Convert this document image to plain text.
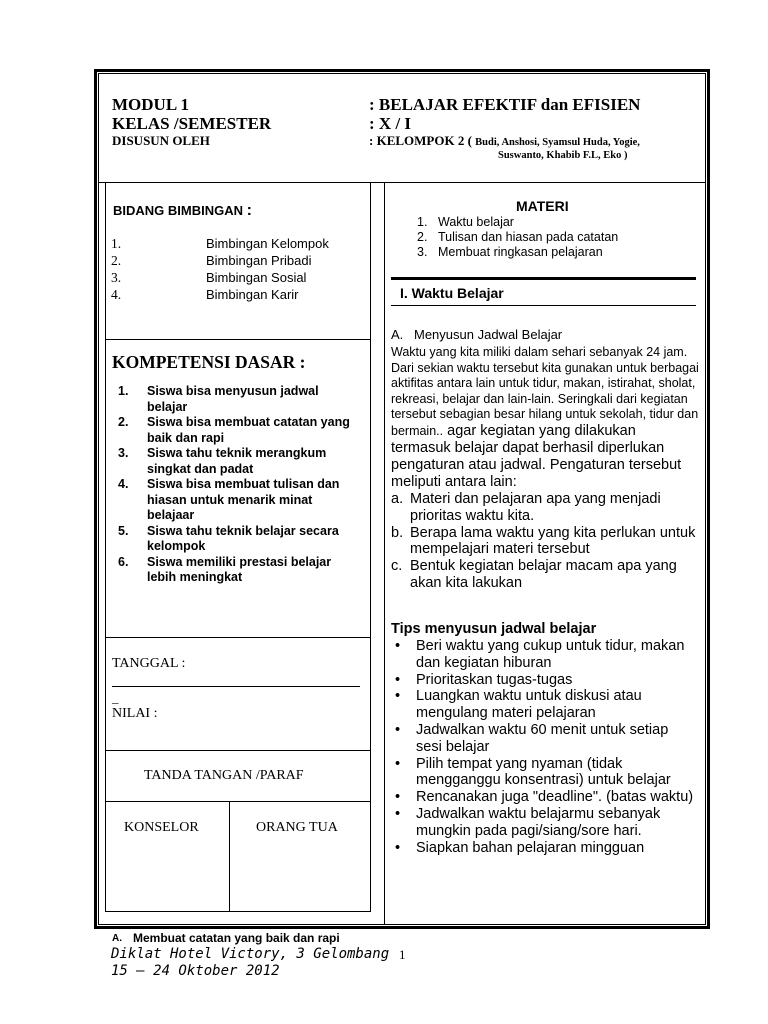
MODUL 1	: BELAJAR EFEKTIF dan EFISIEN
KELAS /SEMESTER	: X / I
DISUSUN OLEH	: KELOMPOK 2 ( Budi, Anshosi, Syamsul Huda, Yogie,
Suswanto, Khabib F.L, Eko )
BIDANG BIMBINGAN :
1.	Bimbingan Kelompok
2.	Bimbingan Pribadi
3.	Bimbingan Sosial
4.	Bimbingan Karir
KOMPETENSI DASAR :
1.	Siswa bisa menyusun jadwal belajar
2.	Siswa bisa membuat catatan yang baik dan rapi
3.	Siswa tahu teknik merangkum singkat dan padat
4.	Siswa bisa membuat tulisan dan hiasan untuk menarik minat belajaar
5.	Siswa tahu teknik belajar secara kelompok
6.	Siswa memiliki prestasi belajar lebih meningkat
TANGGAL :
_
NILAI :
TANDA TANGAN /PARAF
KONSELOR	ORANG TUA
MATERI
1. Waktu belajar
2. Tulisan dan hiasan pada catatan
3. Membuat ringkasan pelajaran
I. Waktu Belajar
A. Menyusun Jadwal Belajar
Waktu yang kita miliki dalam sehari sebanyak 24 jam. Dari sekian waktu tersebut kita gunakan untuk berbagai aktifitas antara lain untuk tidur, makan, istirahat, sholat, rekreasi, belajar dan lain-lain. Seringkali dari kegiatan tersebut sebagian besar hilang untuk sekolah, tidur dan bermain.. agar kegiatan yang dilakukan
termasuk belajar dapat berhasil diperlukan pengaturan atau jadwal. Pengaturan tersebut meliputi antara lain:
a. Materi dan pelajaran apa yang menjadi prioritas waktu kita.
b. Berapa lama waktu yang kita perlukan untuk mempelajari materi tersebut
c. Bentuk kegiatan belajar macam apa yang akan kita lakukan
Tips menyusun jadwal belajar
•	Beri waktu yang cukup untuk tidur, makan dan kegiatan hiburan
•	Prioritaskan tugas-tugas
•	Luangkan waktu untuk diskusi atau mengulang materi pelajaran
•	Jadwalkan waktu 60 menit untuk setiap sesi belajar
•	Pilih tempat yang nyaman (tidak mengganggu konsentrasi) untuk belajar
•	Rencanakan juga "deadline". (batas waktu)
•	Jadwalkan waktu belajarmu sebanyak mungkin pada pagi/siang/sore hari.
•	Siapkan bahan pelajaran mingguan
A. Membuat catatan yang baik dan rapi
Diklat Hotel Victory, 3 Gelombang 1
15 – 24 Oktober 2012
